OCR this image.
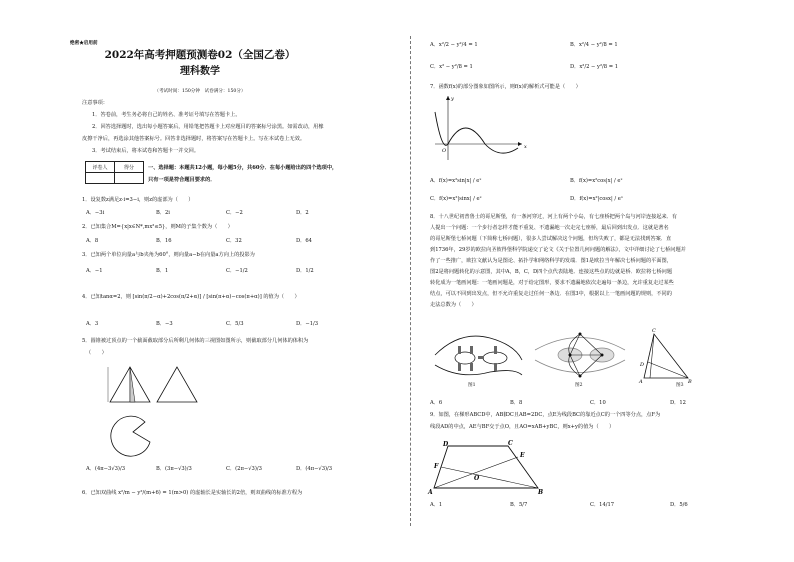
绝密★启用前
2022年高考押题预测卷02（全国乙卷）
理科数学
（考试时间：150分钟　试卷满分：150分）
注意事项：
1．答卷前，考生务必将自己的姓名、准考证号填写在答题卡上。
2．回答选择题时，选出每小题答案后，用铅笔把答题卡上对应题目的答案标号涂黑。如需改动，用橡
皮擦干净后，再选涂其他答案标号。回答非选择题时，将答案写在答题卡上。写在本试卷上无效。
3．考试结束后，将本试卷和答题卡一并交回。
评卷人	得分
		一、选择题：本题共12小题，每小题5分，共60分．在每小题给出的四个选项中，
只有一项是符合题目要求的．
1．设复数z满足z·i=3−i，则z的虚部为（　　）
A．−3i	B．2i	C．−2	D．2
2．已知集合M={x|x∈N*,mx²≤5}，则M的子集个数为（　　）
A．8	B．16	C．32	D．64
3．已知两个单位向量a与b夹角为60°，则向量a−b在向量a方向上的投影为
A．−1	B．1	C．−1/2	D．1/2
4．已知tanα=2，则 [sin(π/2−α)+2cos(π/2+α)] / [sin(π+α)−cos(π+α)] 的值为（　　）
A．3	B．−3	C．5/3	D．−1/3
5．圆锥被过顶点的一个截面截取部分后所剩几何体的三视图如图所示，则截取部分几何体的体积为
（　　）
A．(4π−3√3)/3	B．(3π−√3)/3	C．(2π−√3)/3	D．(4π−√3)/3
6．已知双曲线 x²/m − y²/(m+6) = 1(m>0) 的虚轴长是实轴长的2倍，则双曲线的标准方程为
A．x²/2 − y²/4 = 1	B．x²/4 − y²/8 = 1
C．x² − y²/8 = 1	D．x²/2 − y²/8 = 1
7．函数f(x)的部分图象如图所示，则f(x)的解析式可能是（　　）
O
x
y
A．f(x)=x²sin|x| / eˣ	B．f(x)=x²cos|x| / eˣ
C．f(x)=x²|sinx| / eˣ	D．f(x)=x²|cosx| / eˣ
8．十八世纪初普鲁士的哥尼斯堡，有一条河穿过，河上有两个小岛，有七座桥把两个岛与河岸连接起来．有
人提出一个问题：一个步行者怎样才能不重复、不遗漏地一次走完七座桥，最后回到出发点．这就是著名
的哥尼斯堡七桥问题（下简称七桥问题），很多人尝试解决这个问题，但均失败了，都是无法找到答案．直
到1736年，29岁的欧拉向圣彼得堡科学院递交了论文《关于位置几何问题的解法》，文中详细讨论了七桥问题并
作了一些推广，欧拉文献认为是图论、拓扑学和网络科学的发端．图1是欧拉当年解决七桥问题的平面图，
图2是将问题转化的示意图，其中A，B，C，D四个点代表陆地．连接这些点的边就是桥．欧拉将七桥问题
转化成为一笔画问题：一笔画问题是，对于给定图形，要求不遗漏地依次走遍每一条边，允许重复走过某些
结点，可以不回到出发点，但不允许重复走过任何一条边．在图3中，根据以上一笔画问题的规则，不同的
走法总数为（　　）
图1	图2
C
D
A	B
图3
A．6	B．8	C．10	D．12
9．如图，在梯形ABCD中，AB∥DC且AB=2DC，点E为线段BC的靠近点C的一个四等分点，点F为
线段AD的中点，AE与BF交于点O，且AO=xAB+yBC，则x+y的值为（　　）
D	C
E
F
O
A	B
A．1	B．5/7	C．14/17	D．5/6
